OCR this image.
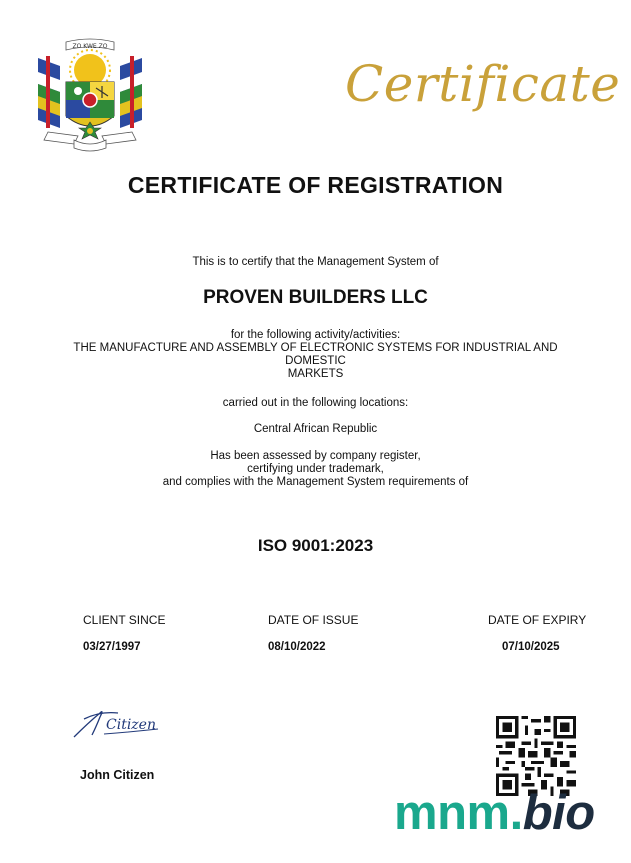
ZO KWE ZO
Certificate
CERTIFICATE OF REGISTRATION
This is to certify that the Management System of
PROVEN BUILDERS LLC
for the following activity/activities:
THE MANUFACTURE AND ASSEMBLY OF ELECTRONIC SYSTEMS FOR INDUSTRIAL AND
DOMESTIC
MARKETS
carried out in the following locations:
Central African Republic
Has been assessed by company register,
certifying under trademark,
and complies with the Management System requirements of
ISO 9001:2023
CLIENT SINCE
03/27/1997
DATE OF ISSUE
08/10/2022
DATE OF EXPIRY
07/10/2025
Citizen
John Citizen
mnm.bio
